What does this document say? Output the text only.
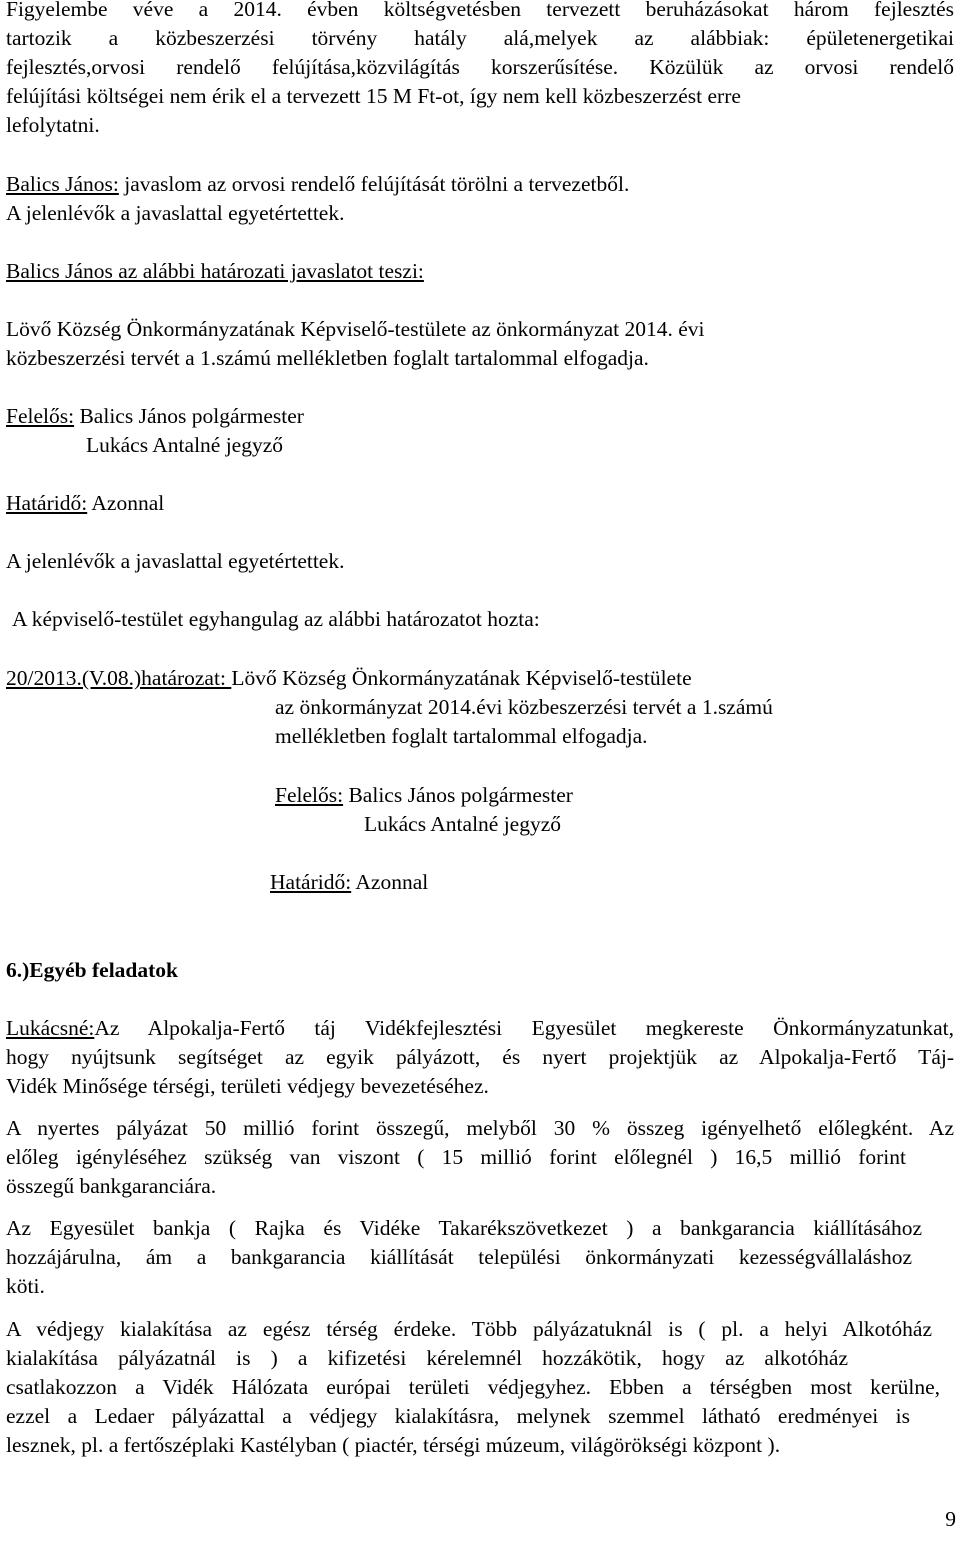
Figyelembe véve a 2014. évben költségvetésben tervezett beruházásokat három fejlesztés

tartozik a közbeszerzési törvény hatály alá,melyek az alábbiak: épületenergetikai

fejlesztés,orvosi rendelő felújítása,közvilágítás korszerűsítése. Közülük az orvosi rendelő

felújítási költségei nem érik el a tervezett 15 M Ft-ot, így nem kell közbeszerzést erre

lefolytatni.

Balics János: javaslom az orvosi rendelő felújítását törölni a tervezetből.

A jelenlévők a javaslattal egyetértettek.

Balics János az alábbi határozati javaslatot teszi:

Lövő Község Önkormányzatának Képviselő-testülete az önkormányzat 2014. évi

közbeszerzési tervét a 1.számú mellékletben foglalt tartalommal elfogadja.

Felelős: Balics János polgármester

Lukács Antalné jegyző

Határidő: Azonnal

A jelenlévők a javaslattal egyetértettek.

A képviselő-testület egyhangulag az alábbi határozatot hozta:

20/2013.(V.08.)határozat: Lövő Község Önkormányzatának Képviselő-testülete

az önkormányzat 2014.évi közbeszerzési tervét a 1.számú

mellékletben foglalt tartalommal elfogadja.

Felelős: Balics János polgármester

Lukács Antalné jegyző

Határidő: Azonnal

6.)Egyéb feladatok

Lukácsné:Az Alpokalja-Fertő táj Vidékfejlesztési Egyesület megkereste Önkormányzatunkat,

hogy nyújtsunk segítséget az egyik pályázott, és nyert projektjük az Alpokalja-Fertő Táj-

Vidék Minősége térségi, területi védjegy bevezetéséhez.

A nyertes pályázat 50 millió forint összegű, melyből 30 % összeg igényelhető előlegként. Az

előleg igényléséhez szükség van viszont ( 15 millió forint előlegnél ) 16,5 millió forint

összegű bankgaranciára.

Az Egyesület bankja ( Rajka és Vidéke Takarékszövetkezet ) a bankgarancia kiállításához

hozzájárulna, ám a bankgarancia kiállítását települési önkormányzati kezességvállaláshoz

köti.

A védjegy kialakítása az egész térség érdeke. Több pályázatuknál is ( pl. a helyi Alkotóház

kialakítása pályázatnál is ) a kifizetési kérelemnél hozzákötik, hogy az alkotóház

csatlakozzon a Vidék Hálózata európai területi védjegyhez. Ebben a térségben most kerülne,

ezzel a Ledaer pályázattal a védjegy kialakításra, melynek szemmel látható eredményei is

lesznek, pl. a fertőszéplaki Kastélyban ( piactér, térségi múzeum, világörökségi központ ).

9
